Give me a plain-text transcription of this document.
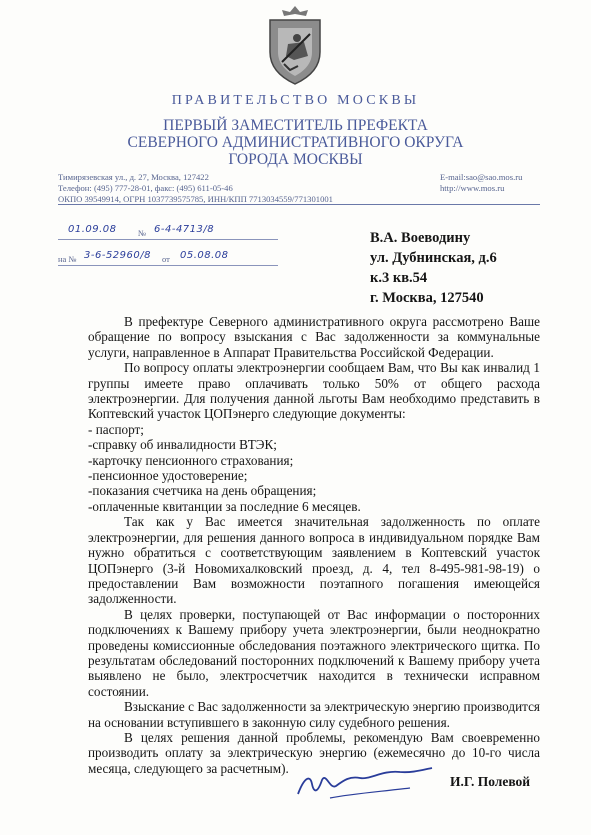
ПРАВИТЕЛЬСТВО МОСКВЫ
ПЕРВЫЙ ЗАМЕСТИТЕЛЬ ПРЕФЕКТА
СЕВЕРНОГО АДМИНИСТРАТИВНОГО ОКРУГА
ГОРОДА МОСКВЫ
Тимирязевская ул., д. 27, Москва, 127422
Телефон: (495) 777-28-01, факс: (495) 611-05-46
ОКПО 39549914, ОГРН 1037739575785, ИНН/КПП 7713034559/771301001
E-mail:sao@sao.mos.ru
http://www.mos.ru
01.09.08	№ 6-4-4713/8
на № 3-6-52960/8 от 05.08.08
В.А. Воеводину
ул. Дубнинская, д.6
к.3 кв.54
г. Москва, 127540

В префектуре Северного административного округа рассмотрено Ваше обращение по вопросу взыскания с Вас задолженности за коммунальные услуги, направленное в Аппарат Правительства Российской Федерации.

По вопросу оплаты электроэнергии сообщаем Вам, что Вы как инвалид 1 группы имеете право оплачивать только 50% от общего расхода электроэнергии. Для получения данной льготы Вам необходимо представить в Коптевский участок ЦОПэнерго следующие документы:

- паспорт;

-справку об инвалидности ВТЭК;

-карточку пенсионного страхования;

-пенсионное удостоверение;

-показания счетчика на день обращения;

-оплаченные квитанции за последние 6 месяцев.

Так как у Вас имеется значительная задолженность по оплате электроэнергии, для решения данного вопроса в индивидуальном порядке Вам нужно обратиться с соответствующим заявлением в Коптевский участок ЦОПэнерго (3-й Новомихалковский проезд, д. 4, тел 8-495-981-98-19) о предоставлении Вам возможности поэтапного погашения имеющейся задолженности.

В целях проверки, поступающей от Вас информации о посторонних подключениях к Вашему прибору учета электроэнергии, были неоднократно проведены комиссионные обследования поэтажного электрического щитка. По результатам обследований посторонних подключений к Вашему прибору учета выявлено не было, электросчетчик находится в технически исправном состоянии.

Взыскание с Вас задолженности за электрическую энергию производится на основании вступившего в законную силу судебного решения.

В целях решения данной проблемы, рекомендую Вам своевременно производить оплату за электрическую энергию (ежемесячно до 10-го числа месяца, следующего за расчетным).

И.Г. Полевой
